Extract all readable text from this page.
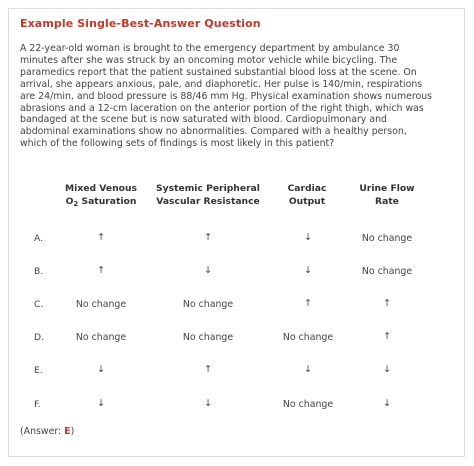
Example Single-Best-Answer Question
A 22-year-old woman is brought to the emergency department by ambulance 30
minutes after she was struck by an oncoming motor vehicle while bicycling. The
paramedics report that the patient sustained substantial blood loss at the scene. On
arrival, she appears anxious, pale, and diaphoretic. Her pulse is 140/min, respirations
are 24/min, and blood pressure is 88/46 mm Hg. Physical examination shows numerous
abrasions and a 12-cm laceration on the anterior portion of the right thigh, which was
bandaged at the scene but is now saturated with blood. Cardiopulmonary and
abdominal examinations show no abnormalities. Compared with a healthy person,
which of the following sets of findings is most likely in this patient?
Mixed Venous
$O_2$ Saturation
Systemic Peripheral
Vascular Resistance
Cardiac
Output
Urine Flow
Rate
A.	↑	↑	↓	No change
B.	↑	↓	↓	No change
C.	No change	No change	↑	↑
D.	No change	No change	No change	↑
E.	↓	↑	↓	↓
F.	↓	↓	No change	↓
(Answer: E)
